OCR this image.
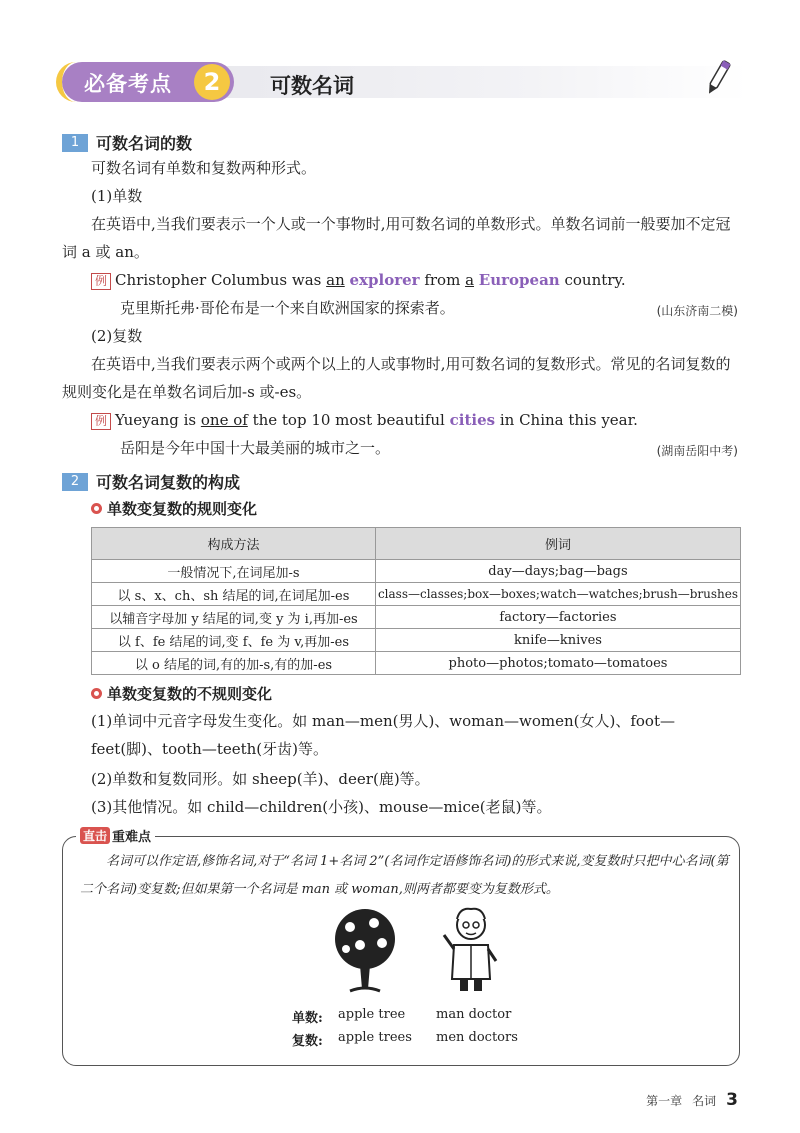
必备考点	2	可数名词
1	可数名词的数
可数名词有单数和复数两种形式。
(1)单数
在英语中,当我们要表示一个人或一个事物时,用可数名词的单数形式。单数名词前一般要加不定冠词 a 或 an。
例 Christopher Columbus was an explorer from a European country.
克里斯托弗·哥伦布是一个来自欧洲国家的探索者。	(山东济南二模)
(2)复数
在英语中,当我们要表示两个或两个以上的人或事物时,用可数名词的复数形式。常见的名词复数的规则变化是在单数名词后加-s 或-es。
例 Yueyang is one of the top 10 most beautiful cities in China this year.
岳阳是今年中国十大最美丽的城市之一。	(湖南岳阳中考)
2	可数名词复数的构成
单数变复数的规则变化
构成方法	例词
一般情况下,在词尾加-s	day—days;bag—bags
以 s、x、ch、sh 结尾的词,在词尾加-es	class—classes;box—boxes;watch—watches;brush—brushes
以辅音字母加 y 结尾的词,变 y 为 i,再加-es	factory—factories
以 f、fe 结尾的词,变 f、fe 为 v,再加-es	knife—knives
以 o 结尾的词,有的加-s,有的加-es	photo—photos;tomato—tomatoes
单数变复数的不规则变化
(1)单词中元音字母发生变化。如 man—men(男人)、woman—women(女人)、foot—feet(脚)、tooth—teeth(牙齿)等。
(2)单数和复数同形。如 sheep(羊)、deer(鹿)等。
(3)其他情况。如 child—children(小孩)、mouse—mice(老鼠)等。
直击 重难点
名词可以作定语,修饰名词,对于“名词 1+名词 2”(名词作定语修饰名词)的形式来说,变复数时只把中心名词(第二个名词)变复数;但如果第一个名词是 man 或 woman,则两者都要变为复数形式。
单数: apple tree man doctor
复数: apple trees men doctors
第一章 名词 3
